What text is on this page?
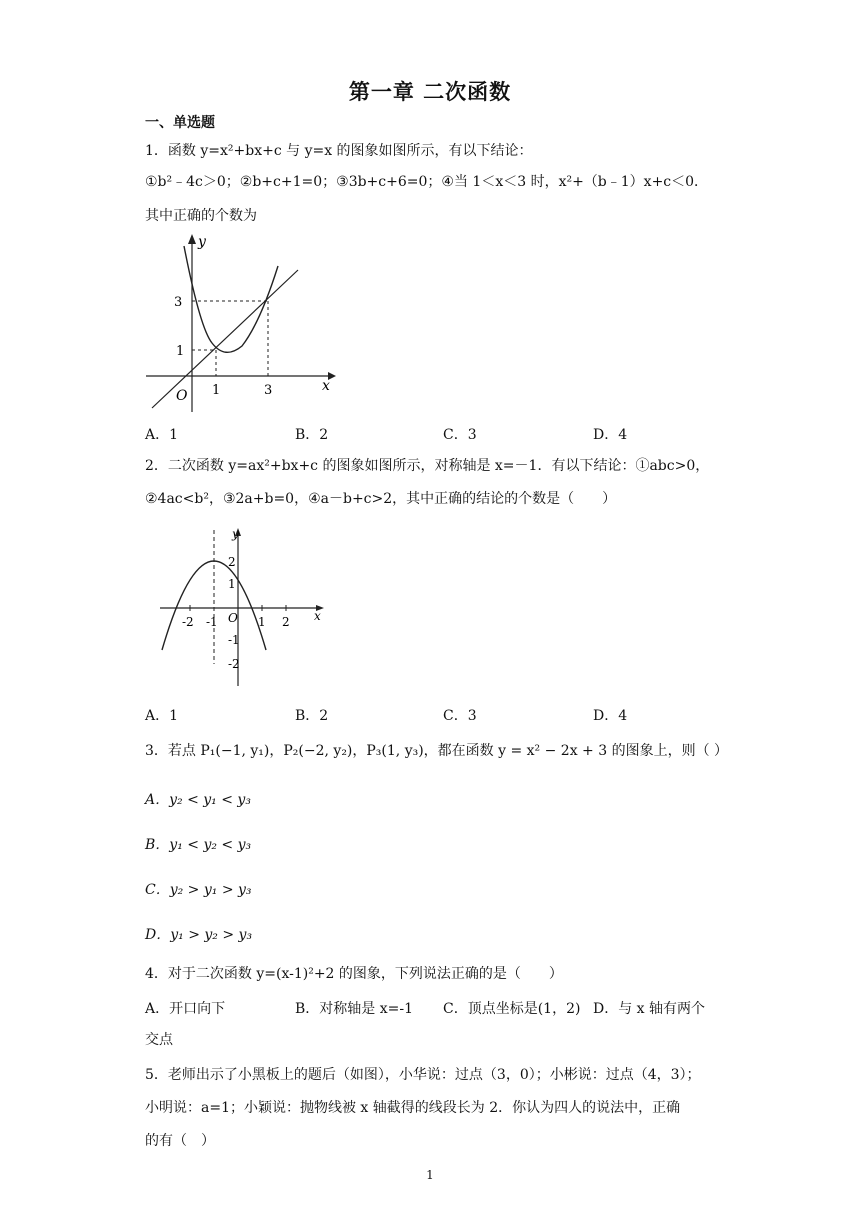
第一章 二次函数
一、单选题
1．函数 y=x²+bx+c 与 y=x 的图象如图所示，有以下结论：
①b²﹣4c＞0；②b+c+1=0；③3b+c+6=0；④当 1＜x＜3 时，x²+（b﹣1）x+c＜0．
其中正确的个数为
y
x
O 1	3
1
3
A．1	B．2	C．3	D．4
2．二次函数 y=ax²+bx+c 的图象如图所示，对称轴是 x=－1．有以下结论：①abc>0，
②4ac<b²，③2a+b=0，④a－b+c>2，其中正确的结论的个数是（　　）
y
x
O
-2 -1	1 2
2
1
-1
-2
A．1	B．2	C．3	D．4
3．若点 P₁(−1, y₁)，P₂(−2, y₂)，P₃(1, y₃)，都在函数 y = x² − 2x + 3 的图象上，则（ ）
A．y₂ < y₁ < y₃
B．y₁ < y₂ < y₃
C．y₂ > y₁ > y₃
D．y₁ > y₂ > y₃
4．对于二次函数 y=(x-1)²+2 的图象，下列说法正确的是（　　）
A．开口向下	B．对称轴是 x=-1 C．顶点坐标是(1，2) D．与 x 轴有两个
交点
5．老师出示了小黑板上的题后（如图），小华说：过点（3，0）；小彬说：过点（4，3）；
小明说：a=1；小颖说：抛物线被 x 轴截得的线段长为 2．你认为四人的说法中，正确
的有（　）
1
